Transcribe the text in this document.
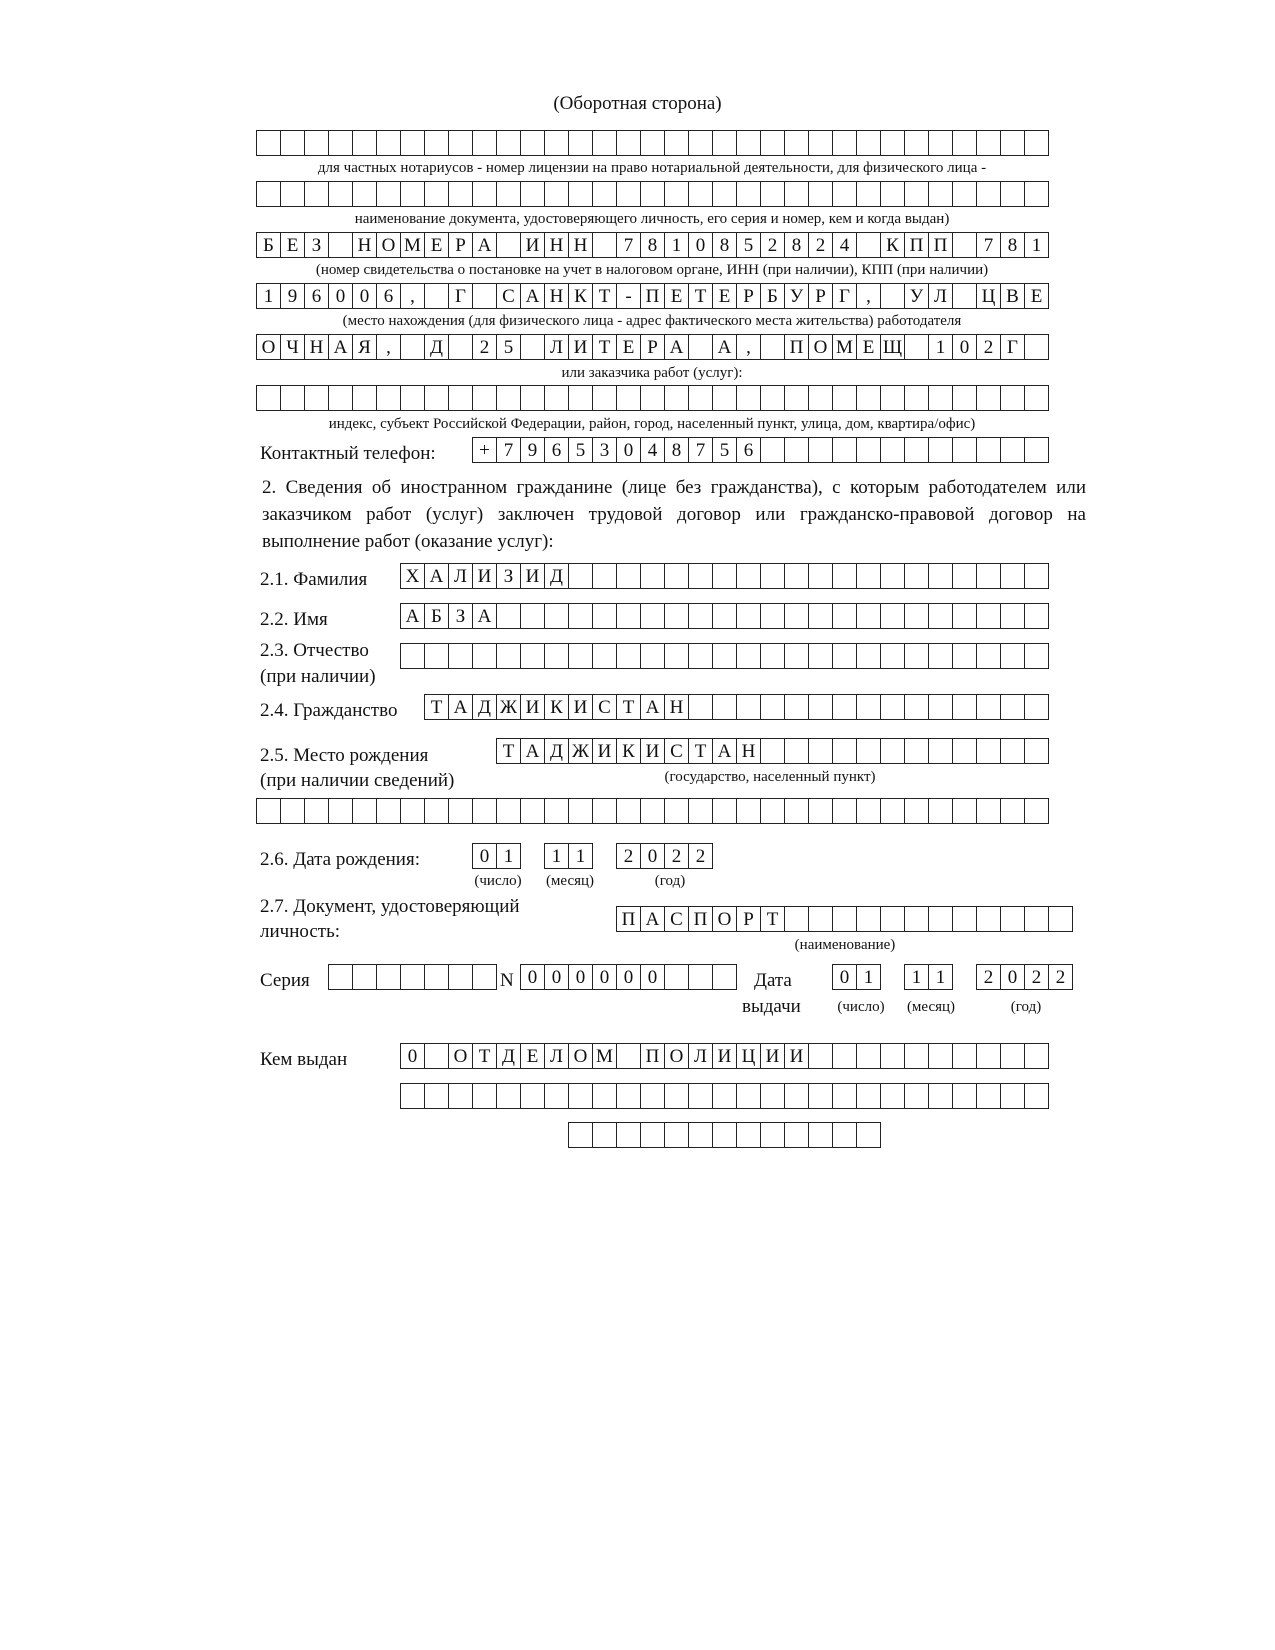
(Оборотная сторона)
для частных нотариусов - номер лицензии на право нотариальной деятельности, для физического лица -
наименование документа, удостоверяющего личность, его серия и номер, кем и когда выдан)
Б Е З	Н О М Е Р А И Н Н	7 8 1 0 8 5 2 8 2 4	К П П	7 8 1
(номер свидетельства о постановке на учет в налоговом органе, ИНН (при наличии), КПП (при наличии)
1 9 6 0 0 6 ,	Г	С А Н К Т - П Е Т Е Р Б У Р Г ,	У Л	Ц В Е
(место нахождения (для физического лица - адрес фактического места жительства) работодателя
О Ч Н А Я ,	Д	2 5	Л И Т Е Р А А ,	П О М Е Щ	1 0 2 Г
или заказчика работ (услуг):
индекс, субъект Российской Федерации, район, город, населенный пункт, улица, дом, квартира/офис)
Контактный телефон:	+ 7 9 6 5 3 0 4 8 7 5 6
2. Сведения об иностранном гражданине (лице без гражданства), с которым работодателем или заказчиком работ (услуг) заключен трудовой договор или гражданско-правовой договор на выполнение работ (оказание услуг):
2.1. Фамилия Х А Л И З И Д
2.2. Имя	А Б З А
2.3. Отчество
(при наличии)
2.4. Гражданство Т А Д Ж И К И С Т А Н
2.5. Место рождения
(при наличии сведений)
Т А Д Ж И К И С Т А Н
(государство, населенный пункт)
2.6. Дата рождения:	0 1	1 1	2 0 2 2
(число)	(месяц)	(год)
2.7. Документ, удостоверяющий
личность:
П А С П О Р Т
(наименование)
Серия	N 0 0 0 0 0 0	Дата
выдачи
0 1	1 1	2 0 2 2
(число)	(месяц)	(год)
Кем выдан	0	О Т Д Е Л О М П О Л И Ц И И
